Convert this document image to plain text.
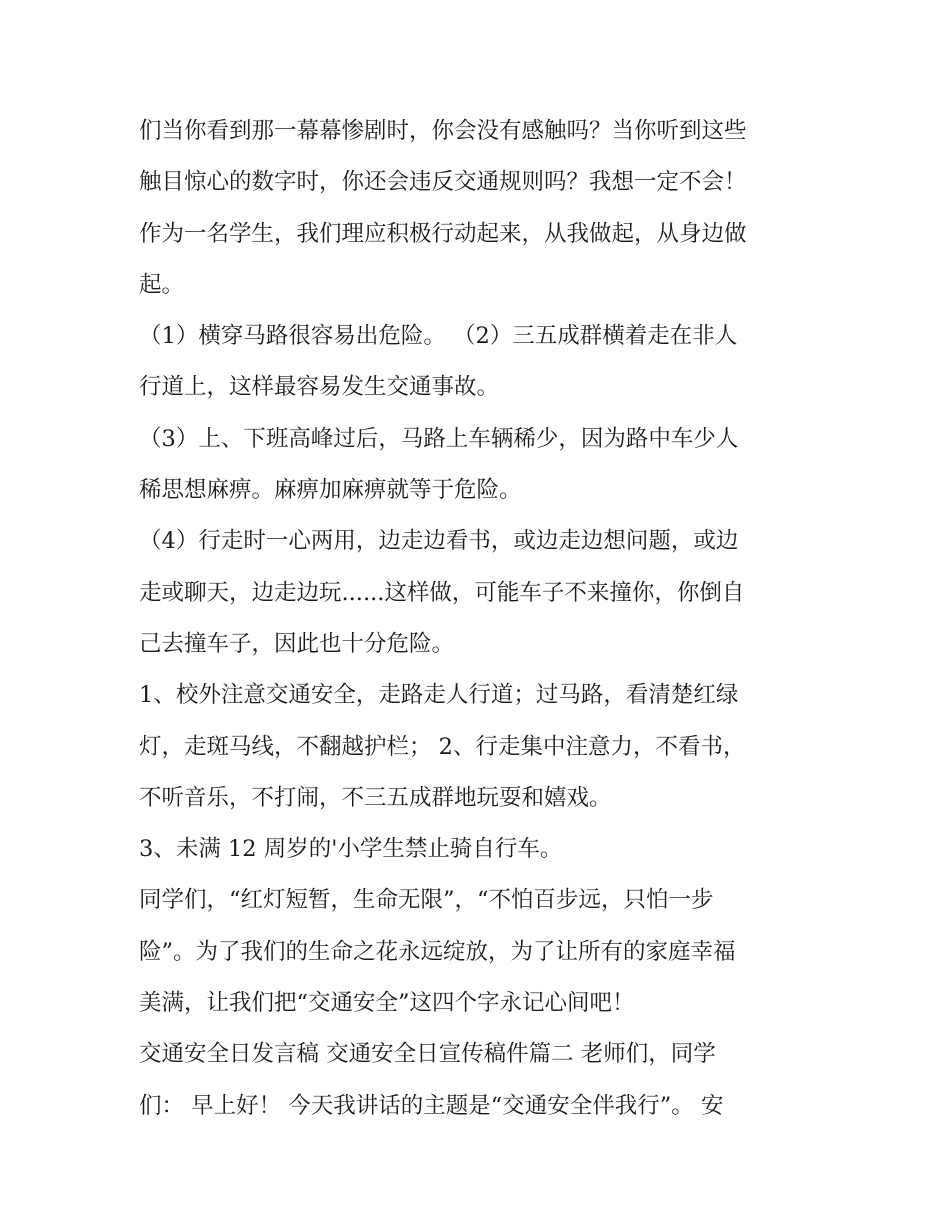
们当你看到那一幕幕惨剧时，你会没有感触吗？当你听到这些
触目惊心的数字时，你还会违反交通规则吗？我想一定不会！
作为一名学生，我们理应积极行动起来，从我做起，从身边做
起。
（1）横穿马路很容易出危险。 （2）三五成群横着走在非人
行道上，这样最容易发生交通事故。
（3）上、下班高峰过后，马路上车辆稀少，因为路中车少人
稀思想麻痹。麻痹加麻痹就等于危险。
（4）行走时一心两用，边走边看书，或边走边想问题，或边
走或聊天，边走边玩......这样做，可能车子不来撞你，你倒自
己去撞车子，因此也十分危险。
1、校外注意交通安全，走路走人行道；过马路，看清楚红绿
灯，走斑马线，不翻越护栏； 2、行走集中注意力，不看书，
不听音乐，不打闹，不三五成群地玩耍和嬉戏。
3、未满 12 周岁的'小学生禁止骑自行车。
同学们，“红灯短暂，生命无限”，“不怕百步远，只怕一步
险”。为了我们的生命之花永远绽放，为了让所有的家庭幸福
美满，让我们把“交通安全”这四个字永记心间吧！
交通安全日发言稿 交通安全日宣传稿件篇二 老师们，同学
们： 早上好！ 今天我讲话的主题是“交通安全伴我行”。 安
